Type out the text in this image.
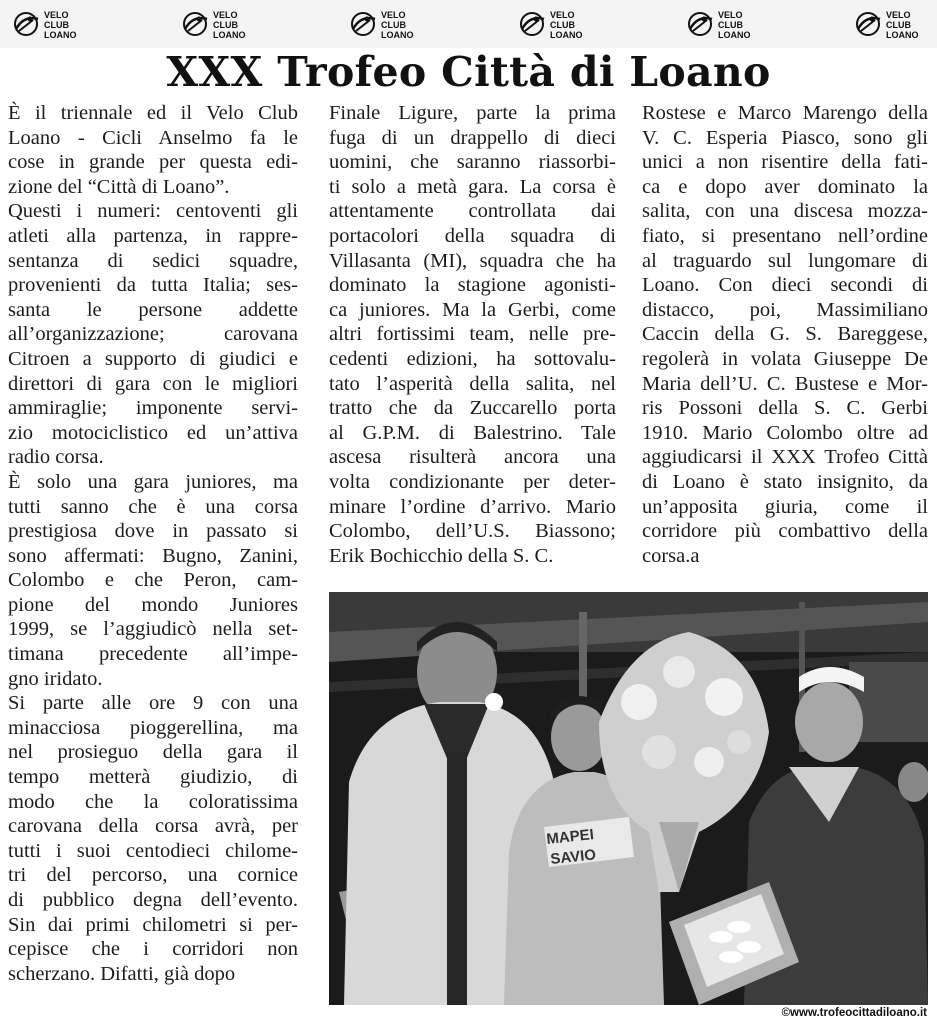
VELO
CLUB
LOANO
VELO
CLUB
LOANO
VELO
CLUB
LOANO
VELO
CLUB
LOANO
VELO
CLUB
LOANO
VELO
CLUB
LOANO
XXX Trofeo Città di Loano
È il triennale ed il Velo Club
Loano - Cicli Anselmo fa le
cose in grande per questa edi-
zione del “Città di Loano”.
Questi i numeri: centoventi gli
atleti alla partenza, in rappre-
sentanza di sedici squadre,
provenienti da tutta Italia; ses-
santa le persone addette
all’organizzazione; carovana
Citroen a supporto di giudici e
direttori di gara con le migliori
ammiraglie; imponente servi-
zio motociclistico ed un’attiva
radio corsa.
È solo una gara juniores, ma
tutti sanno che è una corsa
prestigiosa dove in passato si
sono affermati: Bugno, Zanini,
Colombo e che Peron, cam-
pione del mondo Juniores
1999, se l’aggiudicò nella set-
timana precedente all’impe-
gno iridato.
Si parte alle ore 9 con una
minacciosa pioggerellina, ma
nel prosieguo della gara il
tempo metterà giudizio, di
modo che la coloratissima
carovana della corsa avrà, per
tutti i suoi centodieci chilome-
tri del percorso, una cornice
di pubblico degna dell’evento.
Sin dai primi chilometri si per-
cepisce che i corridori non
scherzano. Difatti, già dopo
Finale Ligure, parte la prima
fuga di un drappello di dieci
uomini, che saranno riassorbi-
ti solo a metà gara. La corsa è
attentamente controllata dai
portacolori della squadra di
Villasanta (MI), squadra che ha
dominato la stagione agonisti-
ca juniores. Ma la Gerbi, come
altri fortissimi team, nelle pre-
cedenti edizioni, ha sottovalu-
tato l’asperità della salita, nel
tratto che da Zuccarello porta
al G.P.M. di Balestrino. Tale
ascesa risulterà ancora una
volta condizionante per deter-
minare l’ordine d’arrivo. Mario
Colombo, dell’U.S. Biassono;
Erik Bochicchio della S. C.
Rostese e Marco Marengo della
V. C. Esperia Piasco, sono gli
unici a non risentire della fati-
ca e dopo aver dominato la
salita, con una discesa mozza-
fiato, si presentano nell’ordine
al traguardo sul lungomare di
Loano. Con dieci secondi di
distacco, poi, Massimiliano
Caccin della G. S. Bareggese,
regolerà in volata Giuseppe De
Maria dell’U. C. Bustese e Mor-
ris Possoni della S. C. Gerbi
1910. Mario Colombo oltre ad
aggiudicarsi il XXX Trofeo Città
di Loano è stato insignito, da
un’apposita giuria, come il
corridore più combattivo della
corsa.a
MAPEI
SAVIO
©www.trofeocittadiloano.it
